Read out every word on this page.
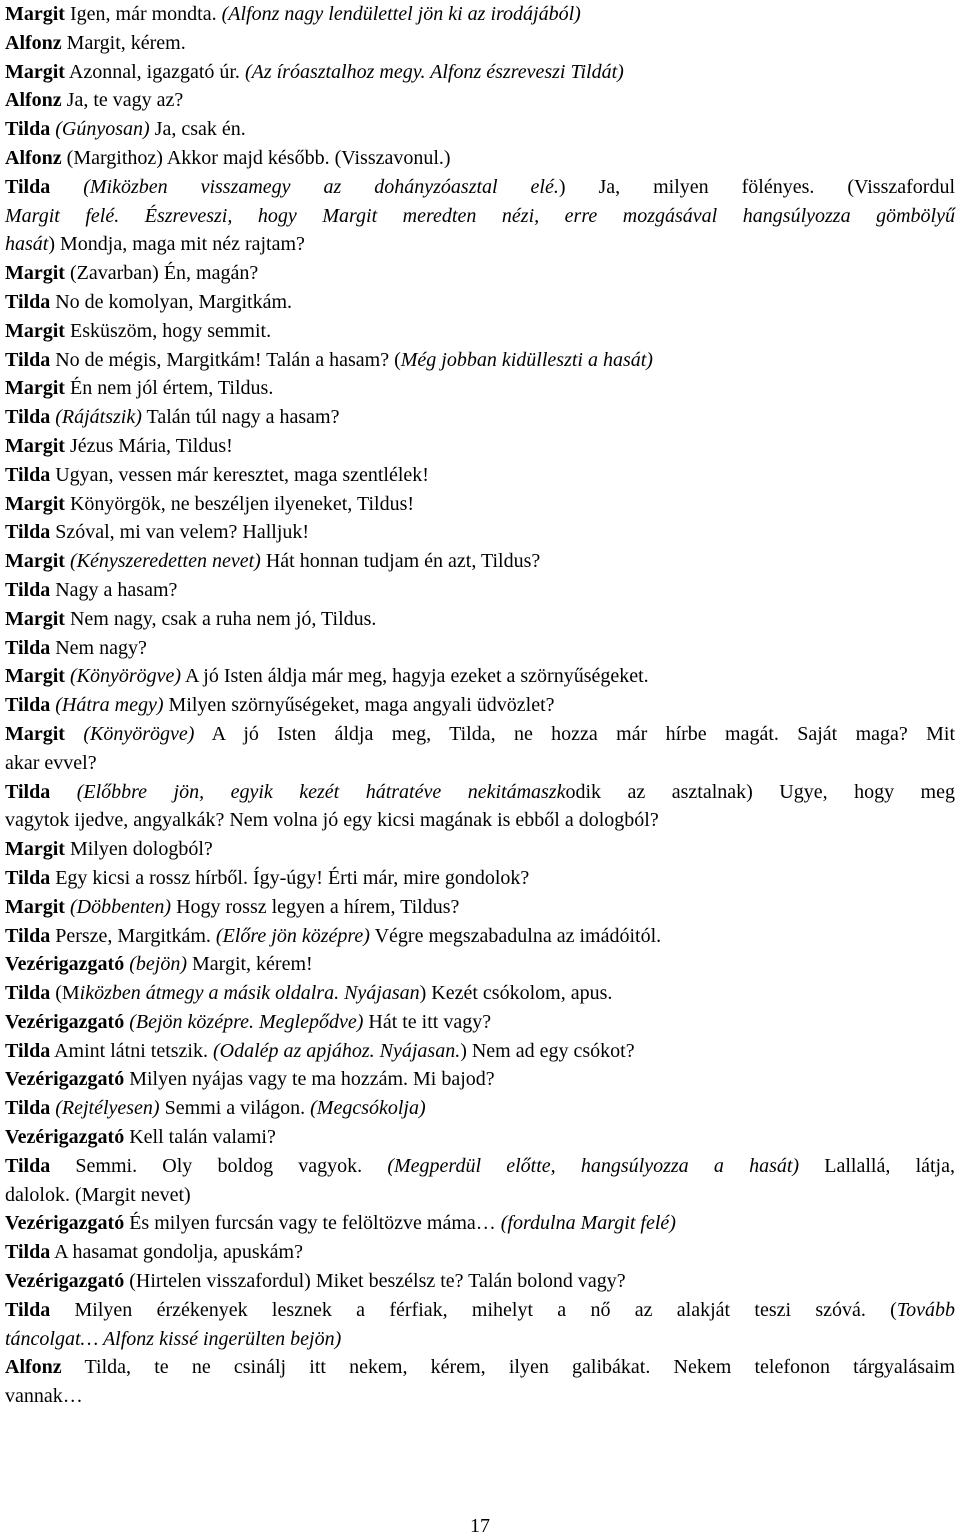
Margit Igen, már mondta. (Alfonz nagy lendülettel jön ki az irodájából)
Alfonz Margit, kérem.
Margit Azonnal, igazgató úr. (Az íróasztalhoz megy. Alfonz észreveszi Tildát)
Alfonz Ja, te vagy az?
Tilda (Gúnyosan) Ja, csak én.
Alfonz (Margithoz) Akkor majd később. (Visszavonul.)
Tilda (Miközben visszamegy az dohányzóasztal elé.) Ja, milyen fölényes. (Visszafordul
Margit felé. Észreveszi, hogy Margit meredten nézi, erre mozgásával hangsúlyozza gömbölyű
hasát) Mondja, maga mit néz rajtam?
Margit (Zavarban) Én, magán?
Tilda No de komolyan, Margitkám.
Margit Esküszöm, hogy semmit.
Tilda No de mégis, Margitkám! Talán a hasam? (Még jobban kidülleszti a hasát)
Margit Én nem jól értem, Tildus.
Tilda (Rájátszik) Talán túl nagy a hasam?
Margit Jézus Mária, Tildus!
Tilda Ugyan, vessen már keresztet, maga szentlélek!
Margit Könyörgök, ne beszéljen ilyeneket, Tildus!
Tilda Szóval, mi van velem? Halljuk!
Margit (Kényszeredetten nevet) Hát honnan tudjam én azt, Tildus?
Tilda Nagy a hasam?
Margit Nem nagy, csak a ruha nem jó, Tildus.
Tilda Nem nagy?
Margit (Könyörögve) A jó Isten áldja már meg, hagyja ezeket a szörnyűségeket.
Tilda (Hátra megy) Milyen szörnyűségeket, maga angyali üdvözlet?
Margit (Könyörögve) A jó Isten áldja meg, Tilda, ne hozza már hírbe magát. Saját maga? Mit
akar evvel?
Tilda (Előbbre jön, egyik kezét hátratéve nekitámaszkodik az asztalnak) Ugye, hogy meg
vagytok ijedve, angyalkák? Nem volna jó egy kicsi magának is ebből a dologból?
Margit Milyen dologból?
Tilda Egy kicsi a rossz hírből. Így-úgy! Érti már, mire gondolok?
Margit (Döbbenten) Hogy rossz legyen a hírem, Tildus?
Tilda Persze, Margitkám. (Előre jön középre) Végre megszabadulna az imádóitól.
Vezérigazgató (bejön) Margit, kérem!
Tilda (Miközben átmegy a másik oldalra. Nyájasan) Kezét csókolom, apus.
Vezérigazgató (Bejön középre. Meglepődve) Hát te itt vagy?
Tilda Amint látni tetszik. (Odalép az apjához. Nyájasan.) Nem ad egy csókot?
Vezérigazgató Milyen nyájas vagy te ma hozzám. Mi bajod?
Tilda (Rejtélyesen) Semmi a világon. (Megcsókolja)
Vezérigazgató Kell talán valami?
Tilda Semmi. Oly boldog vagyok. (Megperdül előtte, hangsúlyozza a hasát) Lallallá, látja,
dalolok. (Margit nevet)
Vezérigazgató És milyen furcsán vagy te felöltözve máma… (fordulna Margit felé)
Tilda A hasamat gondolja, apuskám?
Vezérigazgató (Hirtelen visszafordul) Miket beszélsz te? Talán bolond vagy?
Tilda Milyen érzékenyek lesznek a férfiak, mihelyt a nő az alakját teszi szóvá. (Tovább
táncolgat… Alfonz kissé ingerülten bejön)
Alfonz Tilda, te ne csinálj itt nekem, kérem, ilyen galibákat. Nekem telefonon tárgyalásaim
vannak…
17
